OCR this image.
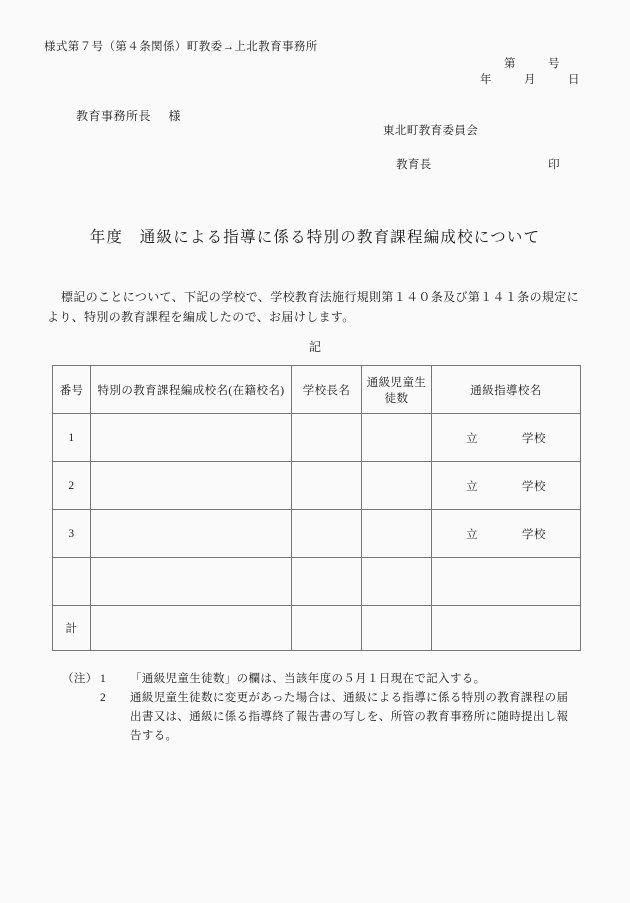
様式第７号（第４条関係）町教委→上北教育事務所
第	号
年	月	日
教育事務所長 様
東北町教育委員会
教育長	印
年度　通級による指導に係る特別の教育課程編成校について
標記のことについて、下記の学校で、学校教育法施行規則第１４０条及び第１４１条の規定に
より、特別の教育課程を編成したので、お届けします。
記
番号	特別の教育課程編成校名(在籍校名)	学校長名	通級児童生徒数	通級指導校名
1				立 学校

2				立 学校

3				立 学校

計				
（注） 1	「通級児童生徒数」の欄は、当該年度の５月１日現在で記入する。
2	通級児童生徒数に変更があった場合は、通級による指導に係る特別の教育課程の届
出書又は、通級に係る指導終了報告書の写しを、所管の教育事務所に随時提出し報
告する。
